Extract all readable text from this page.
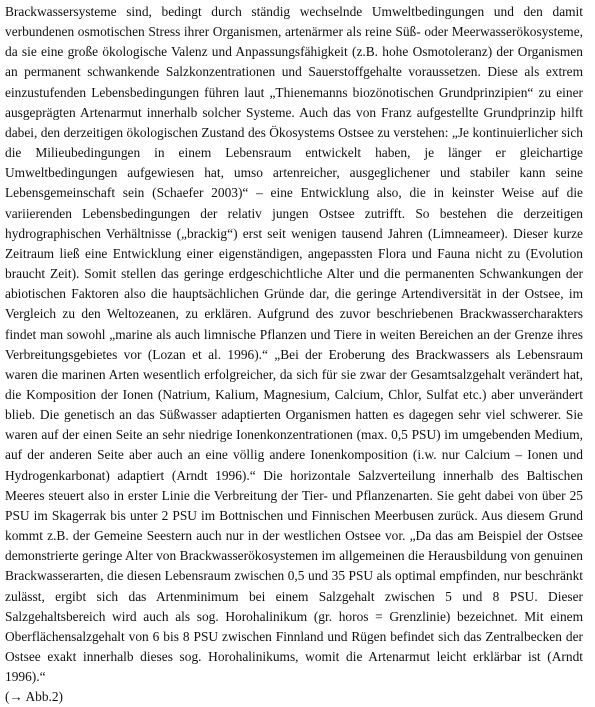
Brackwassersysteme sind, bedingt durch ständig wechselnde Umweltbedingungen und den damit verbundenen osmotischen Stress ihrer Organismen, artenärmer als reine Süß- oder Meerwasserökosysteme, da sie eine große ökologische Valenz und Anpassungsfähigkeit (z.B. hohe Osmotoleranz) der Organismen an permanent schwankende Salzkonzentrationen und Sauerstoffgehalte voraussetzen. Diese als extrem einzustufenden Lebensbedingungen führen laut „Thienemanns biozönotischen Grundprinzipien“ zu einer ausgeprägten Artenarmut innerhalb solcher Systeme. Auch das von Franz aufgestellte Grundprinzip hilft dabei, den derzeitigen ökologischen Zustand des Ökosystems Ostsee zu verstehen: „Je kontinuierlicher sich die Milieubedingungen in einem Lebensraum entwickelt haben, je länger er gleichartige Umweltbedingungen aufgewiesen hat, umso artenreicher, ausgeglichener und stabiler kann seine Lebensgemeinschaft sein (Schaefer 2003)“ – eine Entwicklung also, die in keinster Weise auf die variierenden Lebensbedingungen der relativ jungen Ostsee zutrifft. So bestehen die derzeitigen hydrographischen Verhältnisse („brackig“) erst seit wenigen tausend Jahren (Limneameer). Dieser kurze Zeitraum ließ eine Entwicklung einer eigenständigen, angepassten Flora und Fauna nicht zu (Evolution braucht Zeit). Somit stellen das geringe erdgeschichtliche Alter und die permanenten Schwankungen der abiotischen Faktoren also die hauptsächlichen Gründe dar, die geringe Artendiversität in der Ostsee, im Vergleich zu den Weltozeanen, zu erklären. Aufgrund des zuvor beschriebenen Brackwassercharakters findet man sowohl „marine als auch limnische Pflanzen und Tiere in weiten Bereichen an der Grenze ihres Verbreitungsgebietes vor (Lozan et al. 1996).“ „Bei der Eroberung des Brackwassers als Lebensraum waren die marinen Arten wesentlich erfolgreicher, da sich für sie zwar der Gesamtsalzgehalt verändert hat, die Komposition der Ionen (Natrium, Kalium, Magnesium, Calcium, Chlor, Sulfat etc.) aber unverändert blieb. Die genetisch an das Süßwasser adaptierten Organismen hatten es dagegen sehr viel schwerer. Sie waren auf der einen Seite an sehr niedrige Ionenkonzentrationen (max. 0,5 PSU) im umgebenden Medium, auf der anderen Seite aber auch an eine völlig andere Ionenkomposition (i.w. nur Calcium – Ionen und Hydrogenkarbonat) adaptiert (Arndt 1996).“ Die horizontale Salzverteilung innerhalb des Baltischen Meeres steuert also in erster Linie die Verbreitung der Tier- und Pflanzenarten. Sie geht dabei von über 25 PSU im Skagerrak bis unter 2 PSU im Bottnischen und Finnischen Meerbusen zurück. Aus diesem Grund kommt z.B. der Gemeine Seestern auch nur in der westlichen Ostsee vor. „Da das am Beispiel der Ostsee demonstrierte geringe Alter von Brackwasserökosystemen im allgemeinen die Herausbildung von genuinen Brackwasserarten, die diesen Lebensraum zwischen 0,5 und 35 PSU als optimal empfinden, nur beschränkt zulässt, ergibt sich das Artenminimum bei einem Salzgehalt zwischen 5 und 8 PSU. Dieser Salzgehaltsbereich wird auch als sog. Horohalinikum (gr. horos = Grenzlinie) bezeichnet. Mit einem Oberflächensalzgehalt von 6 bis 8 PSU zwischen Finnland und Rügen befindet sich das Zentralbecken der Ostsee exakt innerhalb dieses sog. Horohalinikums, womit die Artenarmut leicht erklärbar ist (Arndt 1996).“

(→ Abb.2)
